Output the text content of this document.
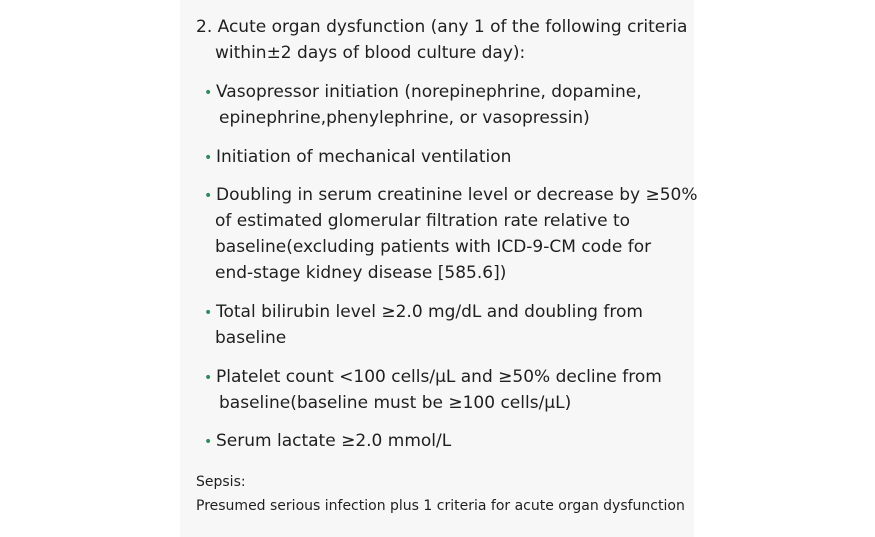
2. Acute organ dysfunction (any 1 of the following criteria
within±2 days of blood culture day):
• Vasopressor initiation (norepinephrine, dopamine,
epinephrine,phenylephrine, or vasopressin)
• Initiation of mechanical ventilation
• Doubling in serum creatinine level or decrease by ≥50%
of estimated glomerular filtration rate relative to
baseline(excluding patients with ICD-9-CM code for
end-stage kidney disease [585.6])
• Total bilirubin level ≥2.0 mg/dL and doubling from
baseline
• Platelet count <100 cells/μL and ≥50% decline from
baseline(baseline must be ≥100 cells/μL)
• Serum lactate ≥2.0 mmol/L
Sepsis:
Presumed serious infection plus 1 criteria for acute organ dysfunction
